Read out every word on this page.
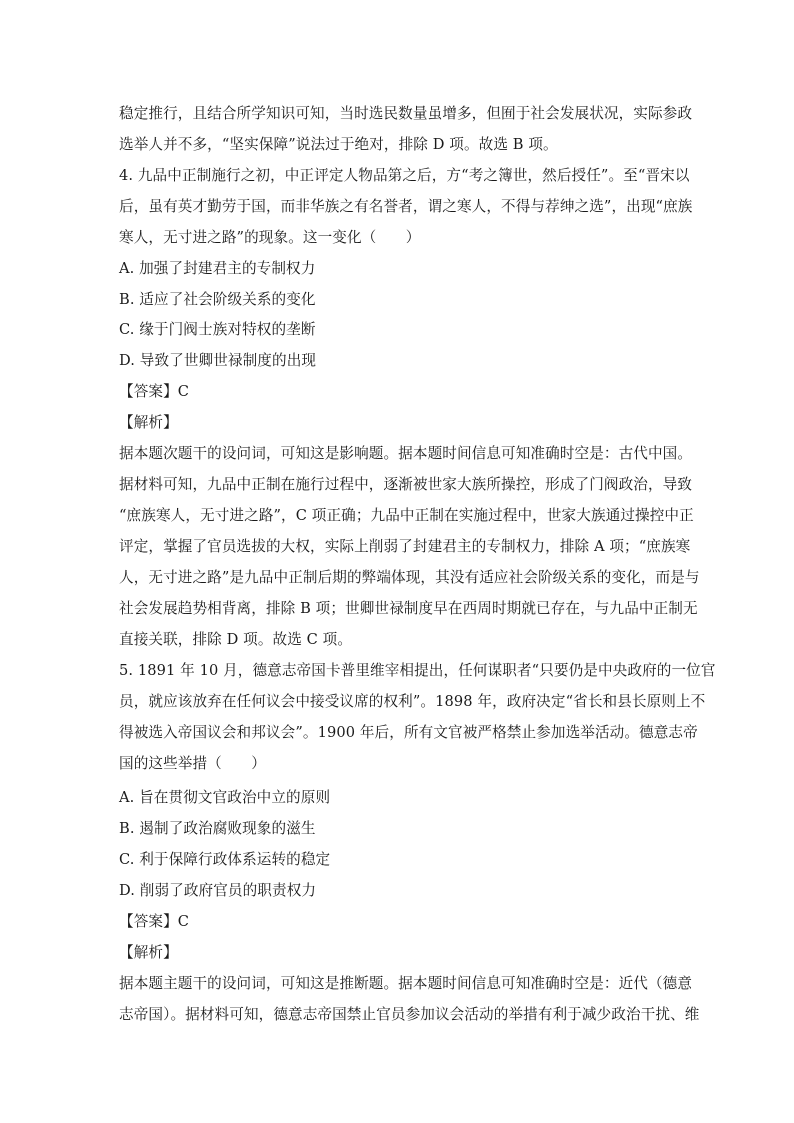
稳定推行，且结合所学知识可知，当时选民数量虽增多，但囿于社会发展状况，实际参政
选举人并不多，“坚实保障”说法过于绝对，排除 D 项。故选 B 项。
4. 九品中正制施行之初，中正评定人物品第之后，方“考之簿世，然后授任”。至“晋宋以
后，虽有英才勤劳于国，而非华族之有名誉者，谓之寒人，不得与荐绅之选”，出现“庶族
寒人，无寸进之路”的现象。这一变化（　　）
A. 加强了封建君主的专制权力
B. 适应了社会阶级关系的变化
C. 缘于门阀士族对特权的垄断
D. 导致了世卿世禄制度的出现
【答案】C
【解析】
据本题次题干的设问词，可知这是影响题。据本题时间信息可知准确时空是：古代中国。
据材料可知，九品中正制在施行过程中，逐渐被世家大族所操控，形成了门阀政治，导致
“庶族寒人，无寸进之路”，C 项正确；九品中正制在实施过程中，世家大族通过操控中正
评定，掌握了官员选拔的大权，实际上削弱了封建君主的专制权力，排除 A 项；“庶族寒
人，无寸进之路”是九品中正制后期的弊端体现，其没有适应社会阶级关系的变化，而是与
社会发展趋势相背离，排除 B 项；世卿世禄制度早在西周时期就已存在，与九品中正制无
直接关联，排除 D 项。故选 C 项。
5. 1891 年 10 月，德意志帝国卡普里维宰相提出，任何谋职者“只要仍是中央政府的一位官
员，就应该放弃在任何议会中接受议席的权利”。1898 年，政府决定“省长和县长原则上不
得被选入帝国议会和邦议会”。1900 年后，所有文官被严格禁止参加选举活动。德意志帝
国的这些举措（　　）
A. 旨在贯彻文官政治中立的原则
B. 遏制了政治腐败现象的滋生
C. 利于保障行政体系运转的稳定
D. 削弱了政府官员的职责权力
【答案】C
【解析】
据本题主题干的设问词，可知这是推断题。据本题时间信息可知准确时空是：近代（德意
志帝国）。据材料可知，德意志帝国禁止官员参加议会活动的举措有利于减少政治干扰、维
